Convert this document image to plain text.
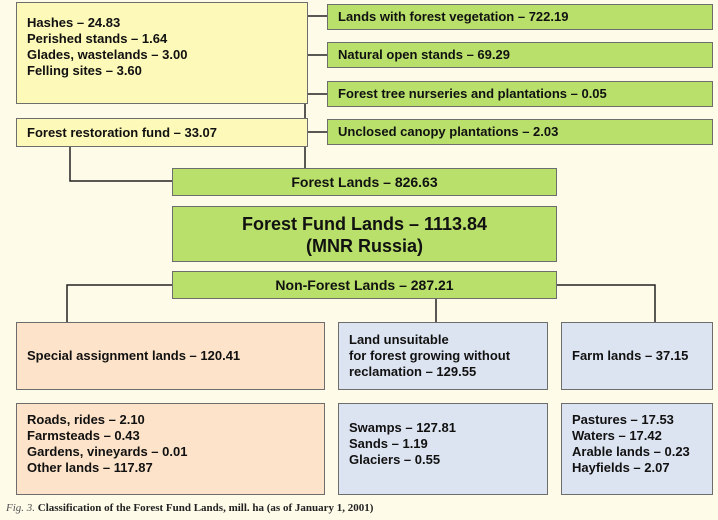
Hashes – 24.83
Perished stands – 1.64
Glades, wastelands – 3.00
Felling sites – 3.60
Forest restoration fund – 33.07
Lands with forest vegetation – 722.19
Natural open stands – 69.29
Forest tree nurseries and plantations – 0.05
Unclosed canopy plantations – 2.03
Forest Lands – 826.63
Forest Fund Lands – 1113.84
(MNR Russia)
Non-Forest Lands – 287.21
Special assignment lands – 120.41
Roads, rides – 2.10
Farmsteads – 0.43
Gardens, vineyards – 0.01
Other lands – 117.87
Land unsuitable
for forest growing without
reclamation – 129.55
Swamps – 127.81
Sands – 1.19
Glaciers – 0.55
Farm lands – 37.15
Pastures – 17.53
Waters – 17.42
Arable lands – 0.23
Hayfields – 2.07
Fig. 3. Classification of the Forest Fund Lands, mill. ha (as of January 1, 2001)
